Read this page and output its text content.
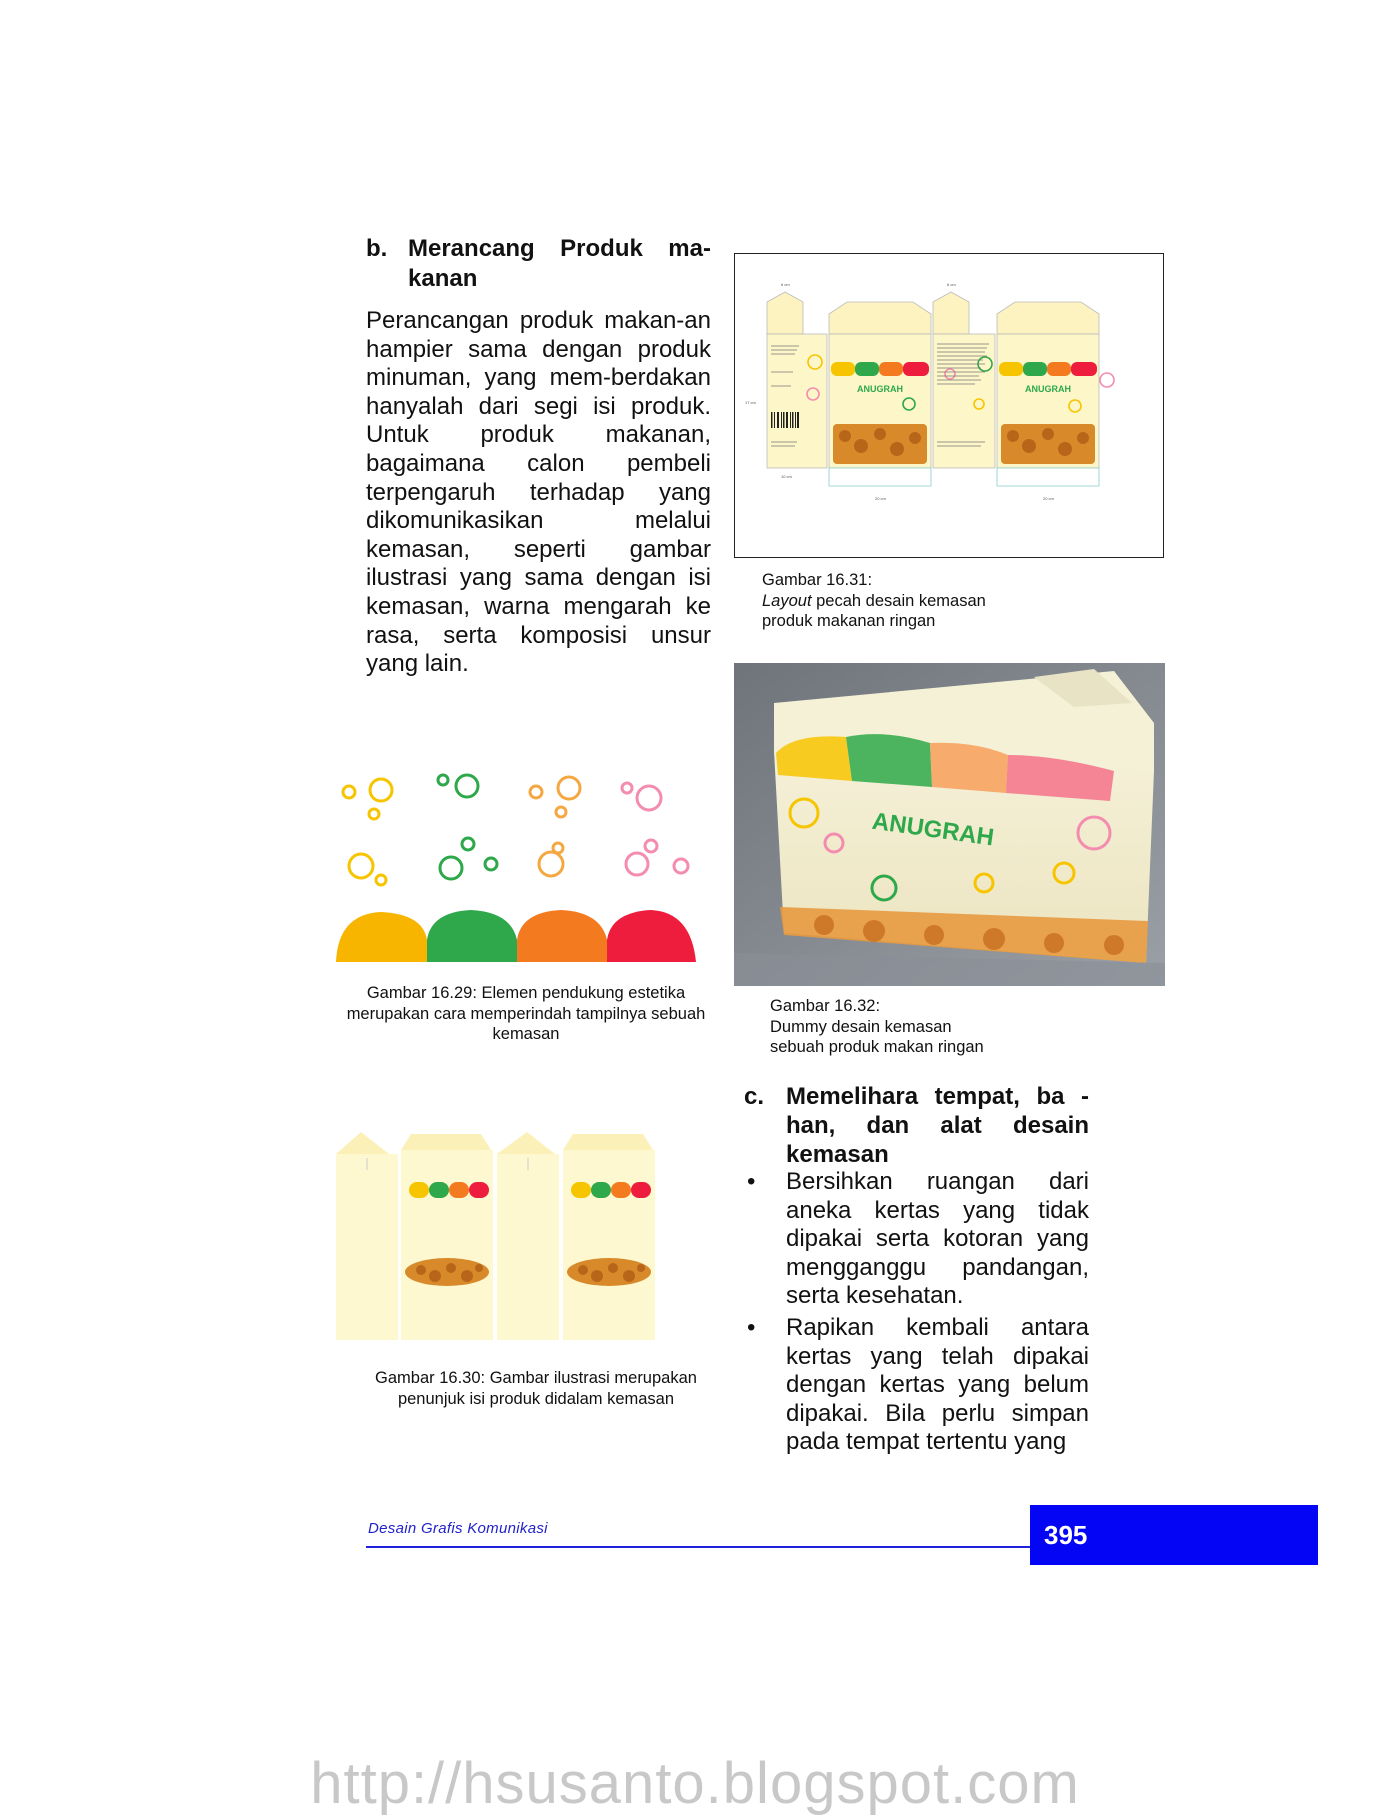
b. Merancang Produk ma-kanan
Perancangan produk makan-an hampier sama dengan produk minuman, yang mem-berdakan hanyalah dari segi isi produk. Untuk produk makanan, bagaimana calon pembeli terpengaruh terhadap yang dikomunikasikan melalui kemasan, seperti gambar ilustrasi yang sama dengan isi kemasan, warna mengarah ke rasa, serta komposisi unsur yang lain.
ANUGRAH	ANUGRAH
17 cm
6 cm
20 cm
10 cm
20 cm
6 cm
Gambar 16.31:
Layout pecah desain kemasan
produk makanan ringan
ANUGRAH
Gambar 16.32:
Dummy desain kemasan
sebuah produk makan ringan
Gambar 16.29: Elemen pendukung estetika merupakan cara memperindah tampilnya sebuah kemasan
Gambar 16.30: Gambar ilustrasi merupakan penunjuk isi produk didalam kemasan
c. Memelihara tempat, ba - han, dan alat desain kemasan
• Bersihkan ruangan dari aneka kertas yang tidak dipakai serta kotoran yang mengganggu pandangan, serta kesehatan.
• Rapikan kembali antara kertas yang telah dipakai dengan kertas yang belum dipakai. Bila perlu simpan pada tempat tertentu yang
Desain Grafis Komunikasi	395
http://hsusanto.blogspot.com
